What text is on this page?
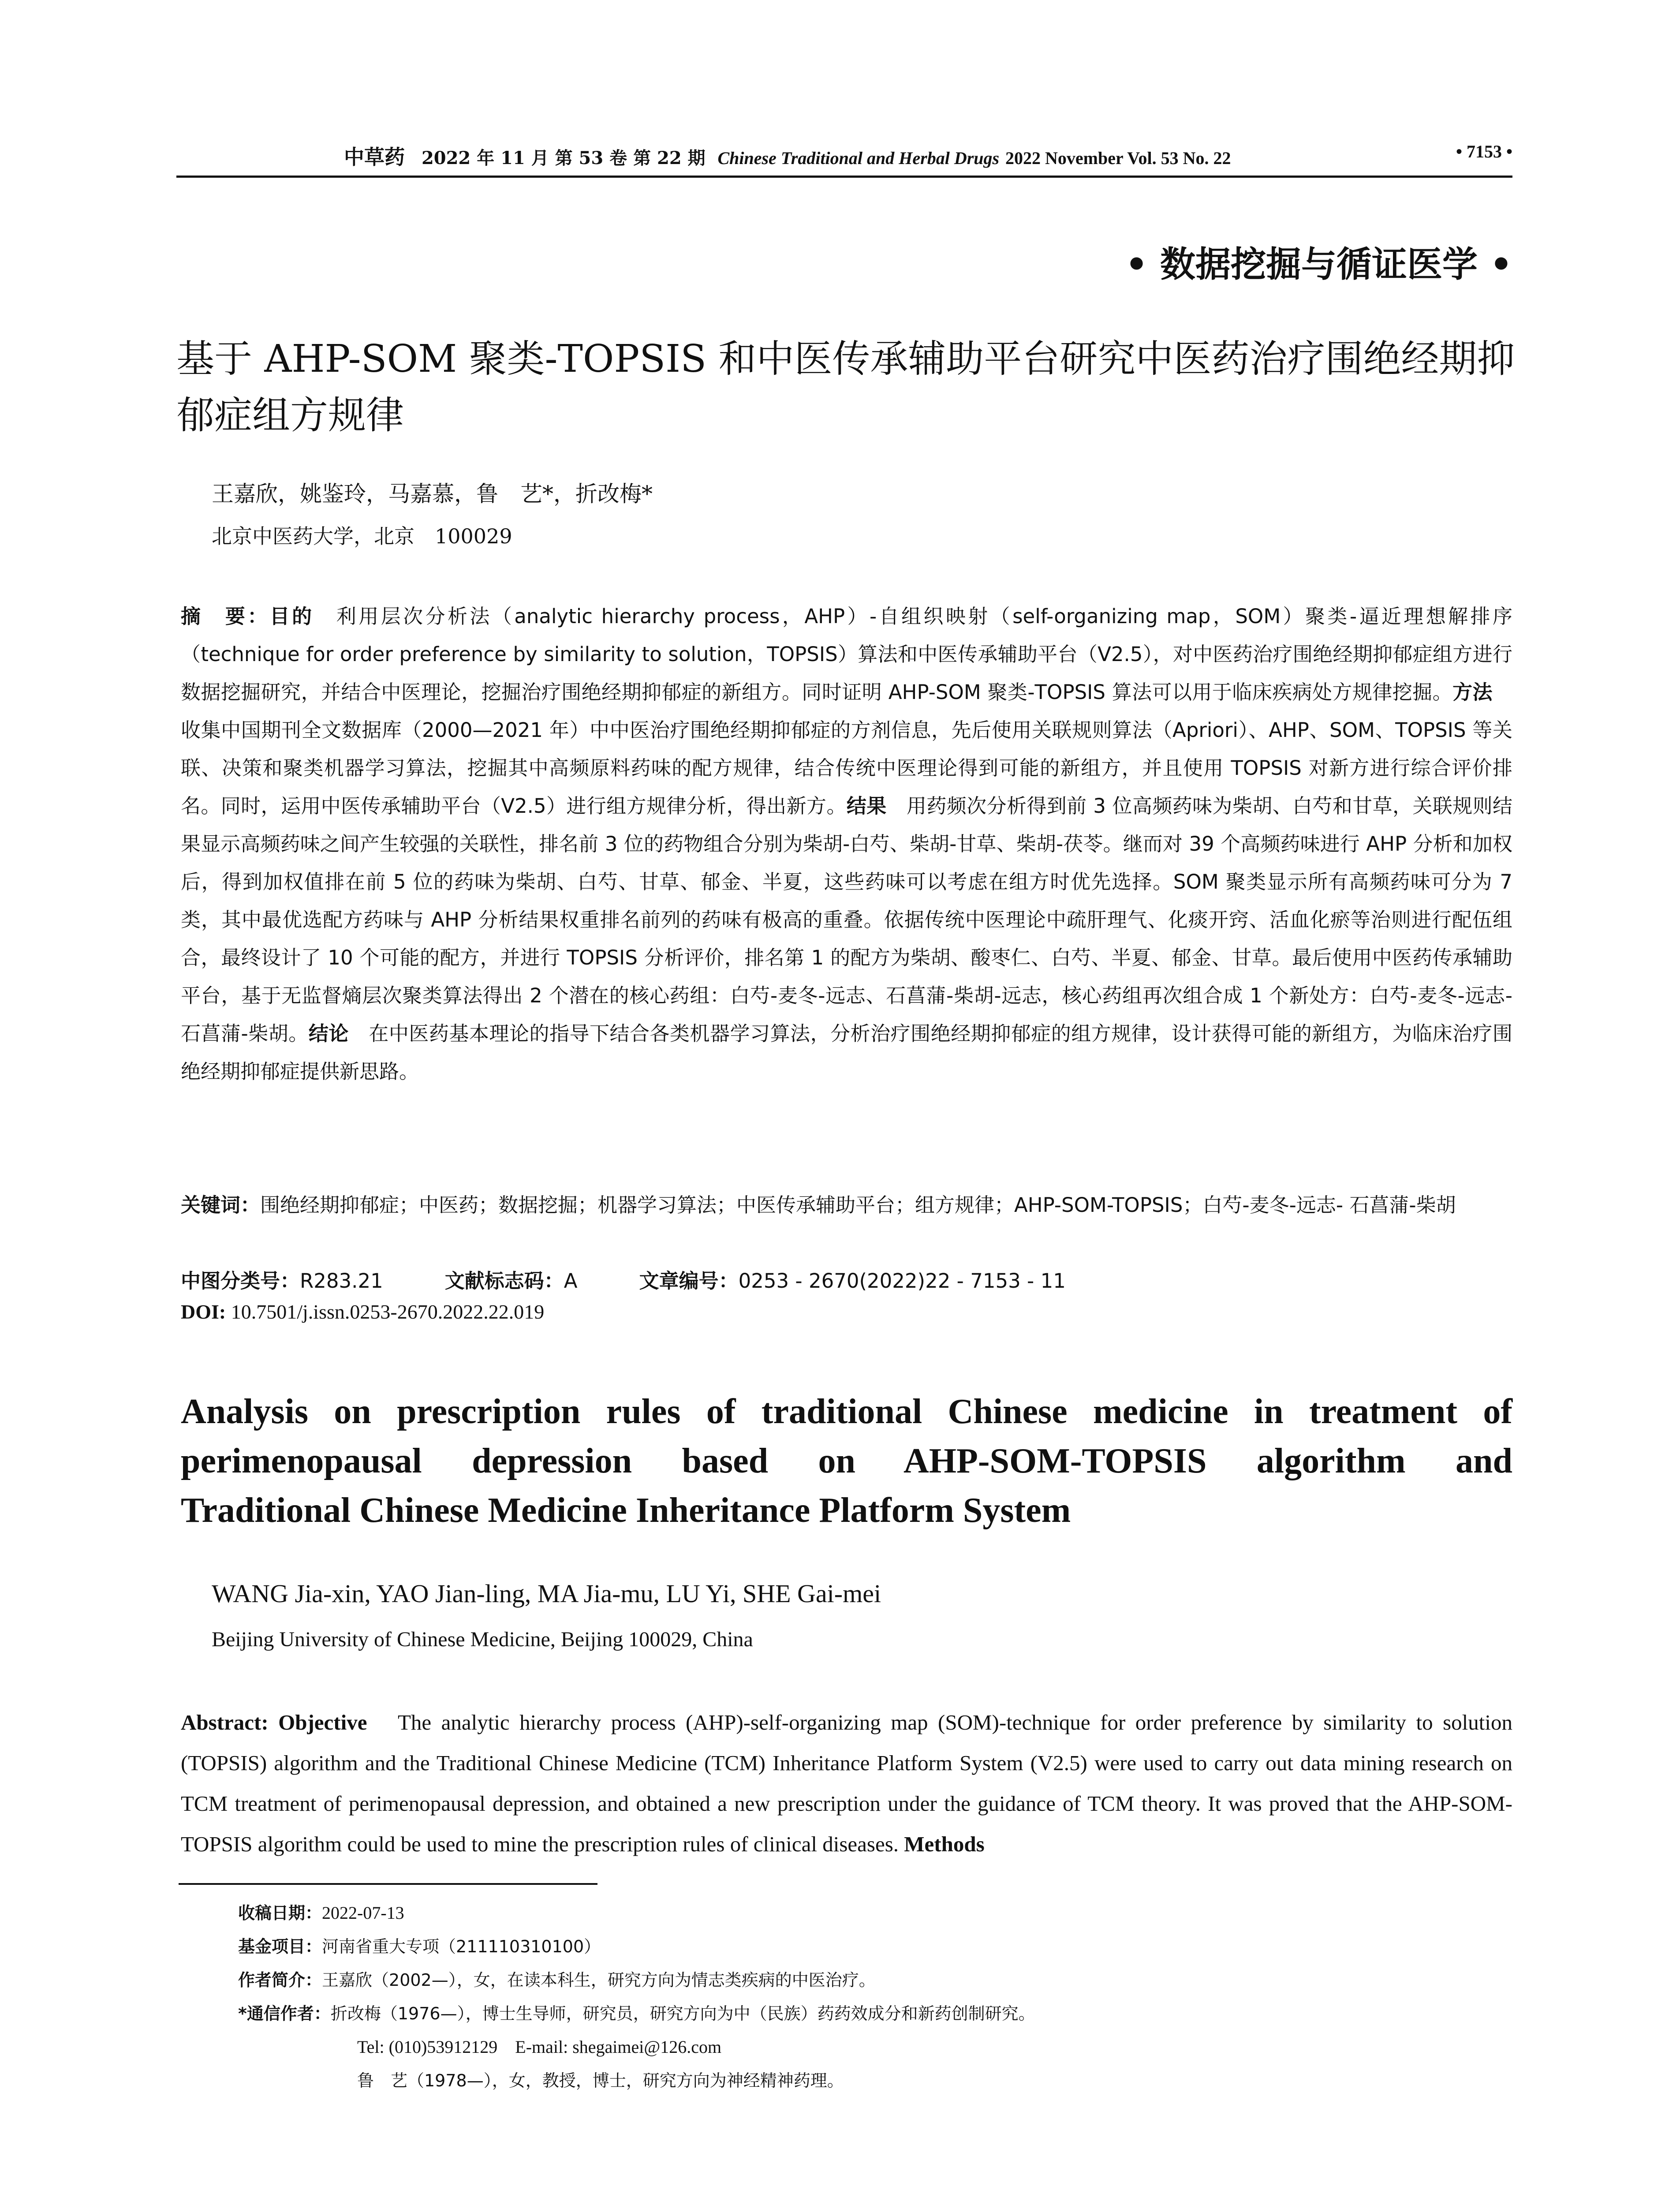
中草药 2022 年 11 月 第 53 卷 第 22 期 Chinese Traditional and Herbal Drugs 2022 November Vol. 53 No. 22	• 7153 •
• 数据挖掘与循证医学 •
基于 AHP-SOM 聚类-TOPSIS 和中医传承辅助平台研究中医药治疗围绝经期抑郁症组方规律
王嘉欣，姚鉴玲，马嘉慕，鲁　艺*，折改梅*
北京中医药大学，北京　100029
摘　要：目的　利用层次分析法（analytic hierarchy process，AHP）-自组织映射（self-organizing map，SOM）聚类-逼近理想解排序（technique for order preference by similarity to solution，TOPSIS）算法和中医传承辅助平台（V2.5），对中医药治疗围绝经期抑郁症组方进行数据挖掘研究，并结合中医理论，挖掘治疗围绝经期抑郁症的新组方。同时证明 AHP-SOM 聚类-TOPSIS 算法可以用于临床疾病处方规律挖掘。方法　收集中国期刊全文数据库（2000—2021 年）中中医治疗围绝经期抑郁症的方剂信息，先后使用关联规则算法（Apriori）、AHP、SOM、TOPSIS 等关联、决策和聚类机器学习算法，挖掘其中高频原料药味的配方规律，结合传统中医理论得到可能的新组方，并且使用 TOPSIS 对新方进行综合评价排名。同时，运用中医传承辅助平台（V2.5）进行组方规律分析，得出新方。结果　用药频次分析得到前 3 位高频药味为柴胡、白芍和甘草，关联规则结果显示高频药味之间产生较强的关联性，排名前 3 位的药物组合分别为柴胡-白芍、柴胡-甘草、柴胡-茯苓。继而对 39 个高频药味进行 AHP 分析和加权后，得到加权值排在前 5 位的药味为柴胡、白芍、甘草、郁金、半夏，这些药味可以考虑在组方时优先选择。SOM 聚类显示所有高频药味可分为 7 类，其中最优选配方药味与 AHP 分析结果权重排名前列的药味有极高的重叠。依据传统中医理论中疏肝理气、化痰开窍、活血化瘀等治则进行配伍组合，最终设计了 10 个可能的配方，并进行 TOPSIS 分析评价，排名第 1 的配方为柴胡、酸枣仁、白芍、半夏、郁金、甘草。最后使用中医药传承辅助平台，基于无监督熵层次聚类算法得出 2 个潜在的核心药组：白芍-麦冬-远志、石菖蒲-柴胡-远志，核心药组再次组合成 1 个新处方：白芍-麦冬-远志- 石菖蒲-柴胡。结论　在中医药基本理论的指导下结合各类机器学习算法，分析治疗围绝经期抑郁症的组方规律，设计获得可能的新组方，为临床治疗围绝经期抑郁症提供新思路。
关键词：围绝经期抑郁症；中医药；数据挖掘；机器学习算法；中医传承辅助平台；组方规律；AHP-SOM-TOPSIS；白芍-麦冬-远志- 石菖蒲-柴胡
中图分类号：R283.21	文献标志码：A	文章编号：0253 - 2670(2022)22 - 7153 - 11
DOI: 10.7501/j.issn.0253-2670.2022.22.019
Analysis on prescription rules of traditional Chinese medicine in treatment of
perimenopausal depression based on AHP-SOM-TOPSIS algorithm and
Traditional Chinese Medicine Inheritance Platform System
WANG Jia-xin, YAO Jian-ling, MA Jia-mu, LU Yi, SHE Gai-mei
Beijing University of Chinese Medicine, Beijing 100029, China
Abstract: Objective　The analytic hierarchy process (AHP)-self-organizing map (SOM)-technique for order preference by similarity to solution (TOPSIS) algorithm and the Traditional Chinese Medicine (TCM) Inheritance Platform System (V2.5) were used to carry out data mining research on TCM treatment of perimenopausal depression, and obtained a new prescription under the guidance of TCM theory. It was proved that the AHP-SOM-TOPSIS algorithm could be used to mine the prescription rules of clinical diseases. Methods
收稿日期：2022-07-13
基金项目：河南省重大专项（211110310100）
作者简介：王嘉欣（2002—），女，在读本科生，研究方向为情志类疾病的中医治疗。
*通信作者：折改梅（1976—），博士生导师，研究员，研究方向为中（民族）药药效成分和新药创制研究。
Tel: (010)53912129　E-mail: shegaimei@126.com
鲁　艺（1978—），女，教授，博士，研究方向为神经精神药理。
